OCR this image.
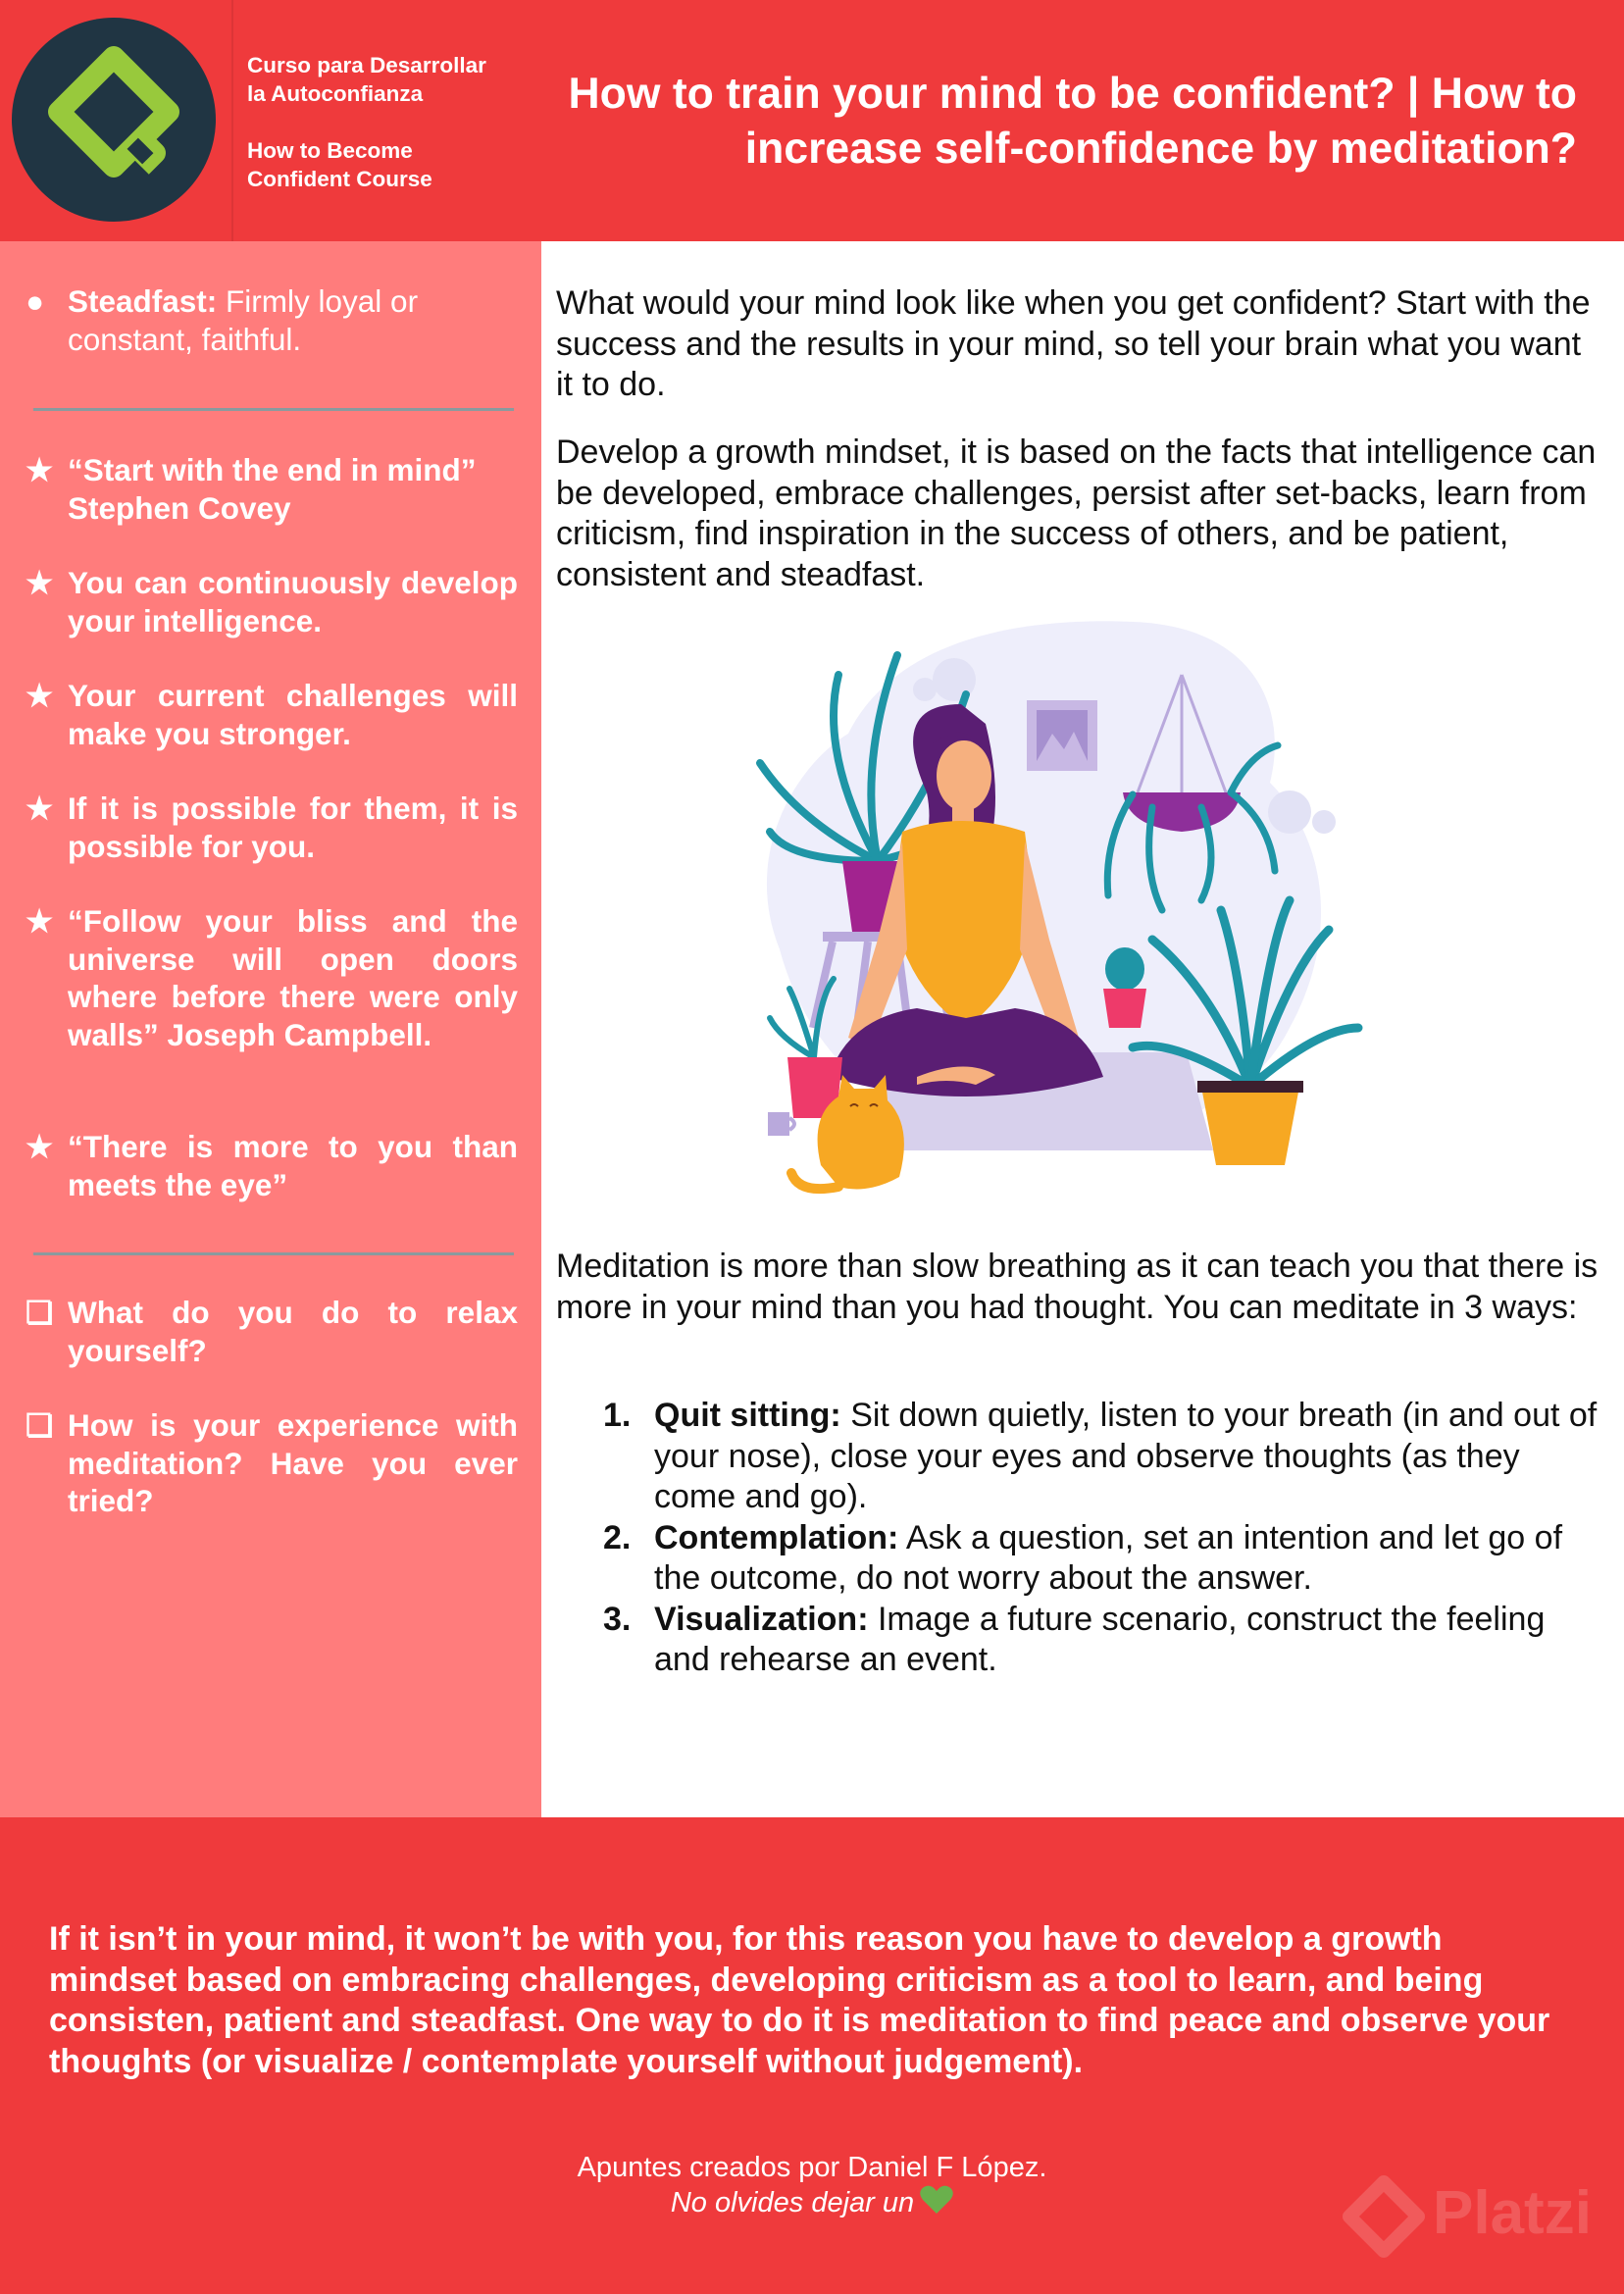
Curso para Desarrollar
la Autoconfianza

How to Become
Confident Course

How to train your mind to be confident? | How to increase self-confidence by meditation?
● Steadfast: Firmly loyal or constant, faithful.
★ “Start with the end in mind” Stephen Covey
★ You can continuously develop your intelligence.
★ Your current challenges will make you stronger.
★ If it is possible for them, it is possible for you.
★ “Follow your bliss and the universe will open doors where before there were only walls” Joseph Campbell.
★ “There is more to you than meets the eye”
❏ What do you do to relax yourself?
❏ How is your experience with meditation? Have you ever tried?

What would your mind look like when you get confident? Start with the success and the results in your mind, so tell your brain what you want it to do.

Develop a growth mindset, it is based on the facts that intelligence can be developed, embrace challenges, persist after set-backs, learn from criticism, find inspiration in the success of others, and be patient, consistent and steadfast.

Meditation is more than slow breathing as it can teach you that there is more in your mind than you had thought. You can meditate in 3 ways:

1. Quit sitting: Sit down quietly, listen to your breath (in and out of your nose), close your eyes and observe thoughts (as they come and go).
2. Contemplation: Ask a question, set an intention and let go of the outcome, do not worry about the answer.
3. Visualization: Image a future scenario, construct the feeling and rehearse an event.

If it isn’t in your mind, it won’t be with you, for this reason you have to develop a growth mindset based on embracing challenges, developing criticism as a tool to learn, and being consisten, patient and steadfast. One way to do it is meditation to find peace and observe your thoughts (or visualize / contemplate yourself without judgement).

Apuntes creados por Daniel F López.
No olvides dejar un	Platzi
